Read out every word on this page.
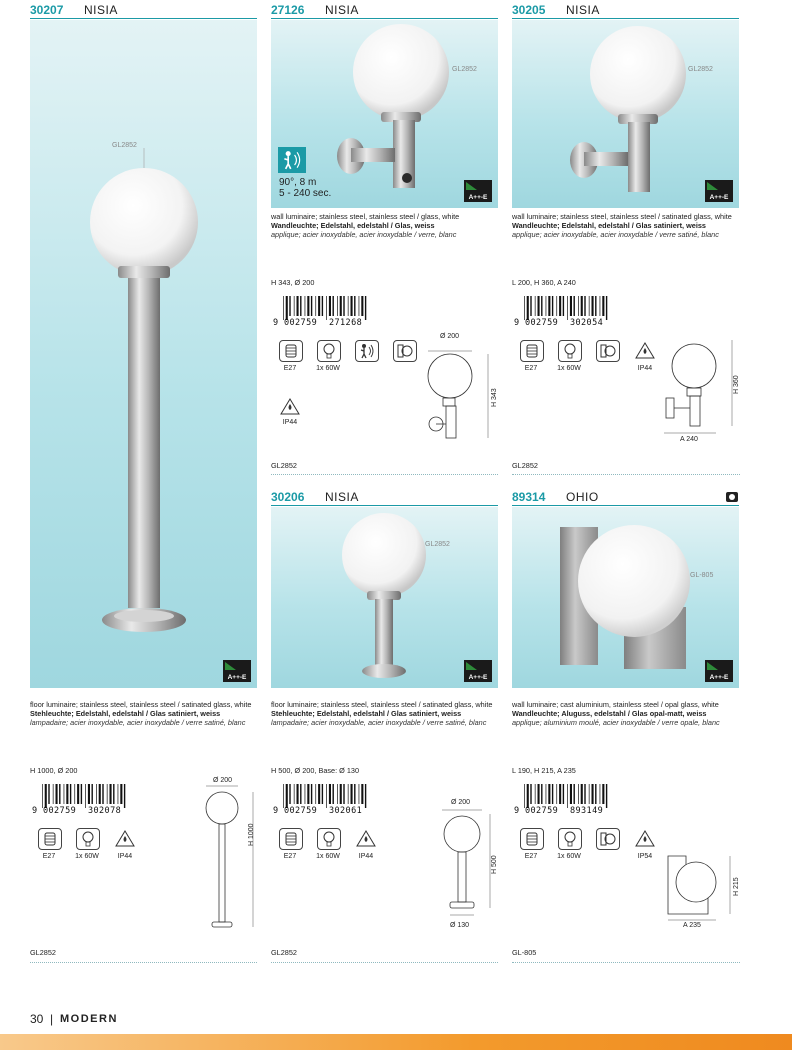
30207 NISIA
GL2852
A++-E
floor luminaire; stainless steel, stainless steel / satinated glass, white
Stehleuchte; Edelstahl, edelstahl / Glas satiniert, weiss
lampadaire; acier inoxydable, acier inoxydable / verre satiné, blanc
H 1000, Ø 200
9 002759 302078
E27	1x 60W	IP44
Ø 200
H 1000
GL2852
27126 NISIA
GL2852
90°, 8 m
5 - 240 sec.	A++-E
wall luminaire; stainless steel, stainless steel / glass, white
Wandleuchte; Edelstahl, edelstahl / Glas, weiss
applique; acier inoxydable, acier inoxydable / verre, blanc
H 343, Ø 200
9 002759 271268
E27	1x 60W
IP44
Ø 200
H 343
GL2852
30205 NISIA
GL2852
A++-E
wall luminaire; stainless steel, stainless steel / satinated glass, white
Wandleuchte; Edelstahl, edelstahl / Glas satiniert, weiss
applique; acier inoxydable, acier inoxydable / verre satiné, blanc
L 200, H 360, A 240
9 002759 302054
E27	1x 60W	IP44
H 360
A 240
GL2852
30206 NISIA
GL2852
A++-E
floor luminaire; stainless steel, stainless steel / satinated glass, white
Stehleuchte; Edelstahl, edelstahl / Glas satiniert, weiss
lampadaire; acier inoxydable, acier inoxydable / verre satiné, blanc
H 500, Ø 200, Base: Ø 130
9 002759 302061
E27	1x 60W	IP44
Ø 200
H 500
Ø 130
GL2852
89314 OHIO
GL-805
A++-E
wall luminaire; cast aluminium, stainless steel / opal glass, white
Wandleuchte; Aluguss, edelstahl / Glas opal-matt, weiss
applique; aluminium moulé, acier inoxydable / verre opale, blanc
L 190, H 215, A 235
9 002759 893149
E27	1x 60W	IP54
H 215
A 235
GL-805
30 | MODERN
